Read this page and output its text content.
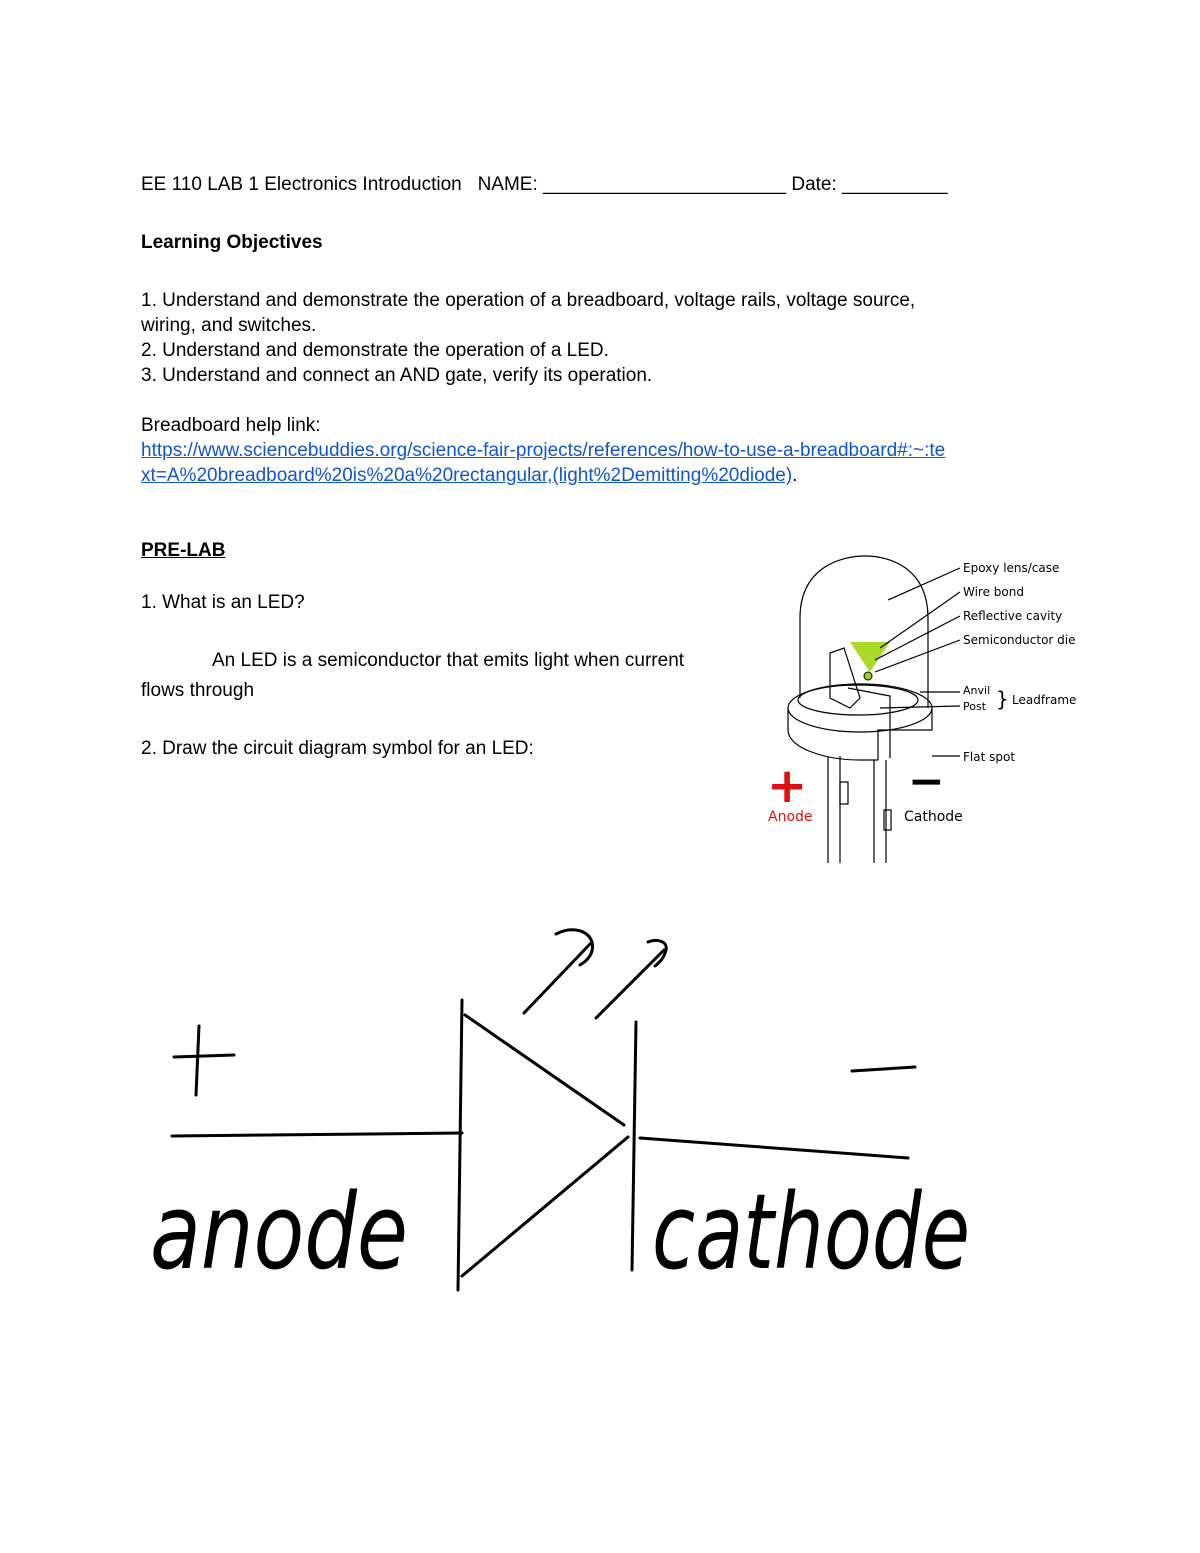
EE 110 LAB 1 Electronics Introduction NAME: _______________________ Date: __________
Learning Objectives
1. Understand and demonstrate the operation of a breadboard, voltage rails, voltage source,
wiring, and switches.
2. Understand and demonstrate the operation of a LED.
3. Understand and connect an AND gate, verify its operation.
Breadboard help link:
https://www.sciencebuddies.org/science-fair-projects/references/how-to-use-a-breadboard#:~:te
xt=A%20breadboard%20is%20a%20rectangular,(light%2Demitting%20diode).
PRE-LAB
1. What is an LED?
An LED is a semiconductor that emits light when current
flows through
2. Draw the circuit diagram symbol for an LED:
Epoxy lens/case
Wire bond
Reflective cavity
Semiconductor die
Anvil
Post } Leadframe
Flat spot
+ −
Anode	Cathode
+	—
anode cathode
